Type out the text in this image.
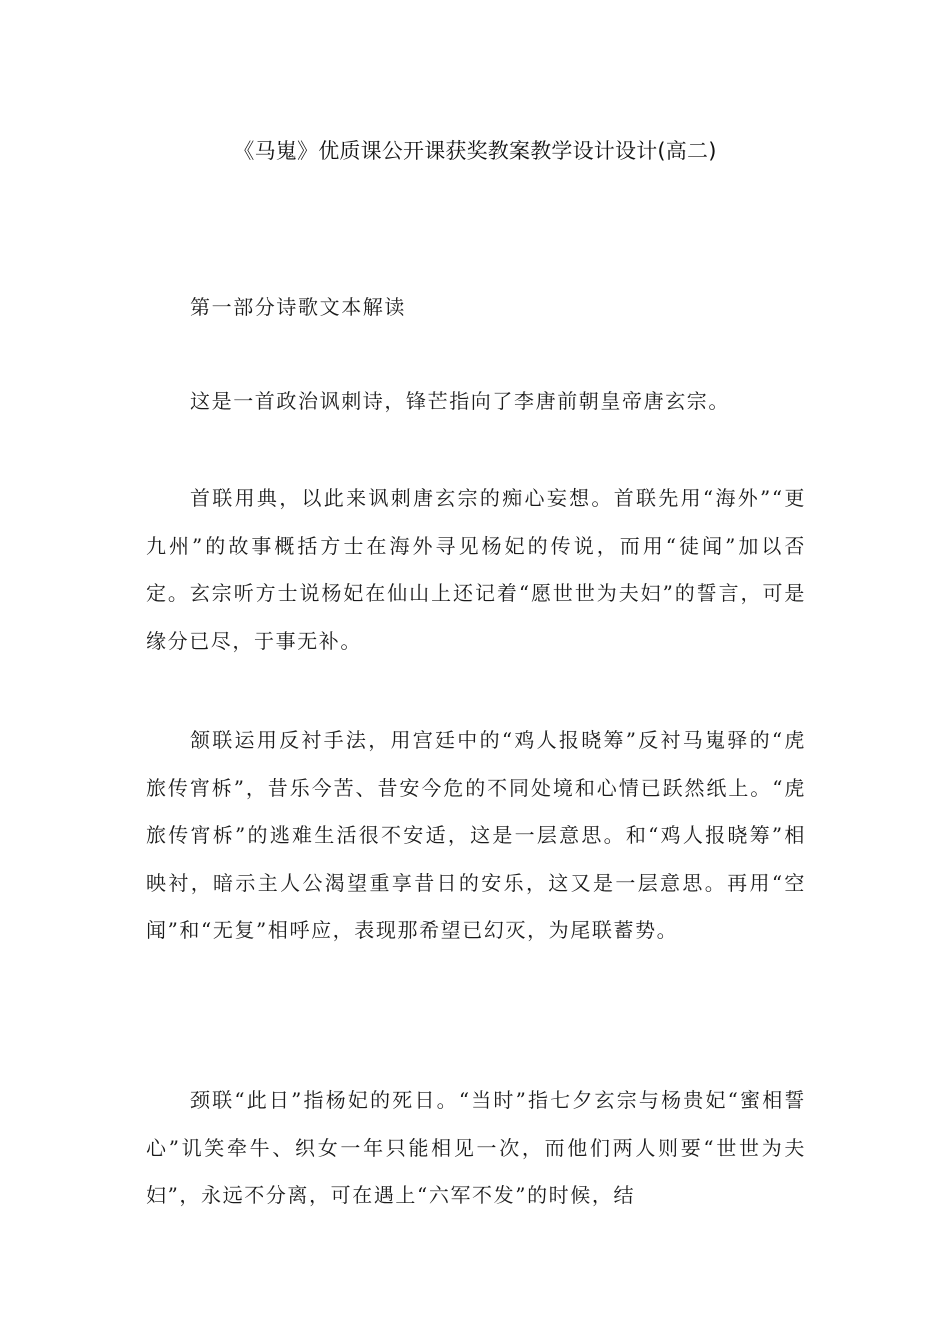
《马嵬》优质课公开课获奖教案教学设计设计(高二)
第一部分诗歌文本解读
这是一首政治讽刺诗，锋芒指向了李唐前朝皇帝唐玄宗。
首联用典，以此来讽刺唐玄宗的痴心妄想。首联先用“海外”“更九州”的故事概括方士在海外寻见杨妃的传说，而用“徒闻”加以否定。玄宗听方士说杨妃在仙山上还记着“愿世世为夫妇”的誓言，可是缘分已尽，于事无补。
颔联运用反衬手法，用宫廷中的“鸡人报晓筹”反衬马嵬驿的“虎旅传宵柝”，昔乐今苦、昔安今危的不同处境和心情已跃然纸上。“虎旅传宵柝”的逃难生活很不安适，这是一层意思。和“鸡人报晓筹”相映衬，暗示主人公渴望重享昔日的安乐，这又是一层意思。再用“空闻”和“无复”相呼应，表现那希望已幻灭，为尾联蓄势。
颈联“此日”指杨妃的死日。“当时”指七夕玄宗与杨贵妃“蜜相誓心”讥笑牵牛、织女一年只能相见一次，而他们两人则要“世世为夫妇”，永远不分离，可在遇上“六军不发”的时候，结
